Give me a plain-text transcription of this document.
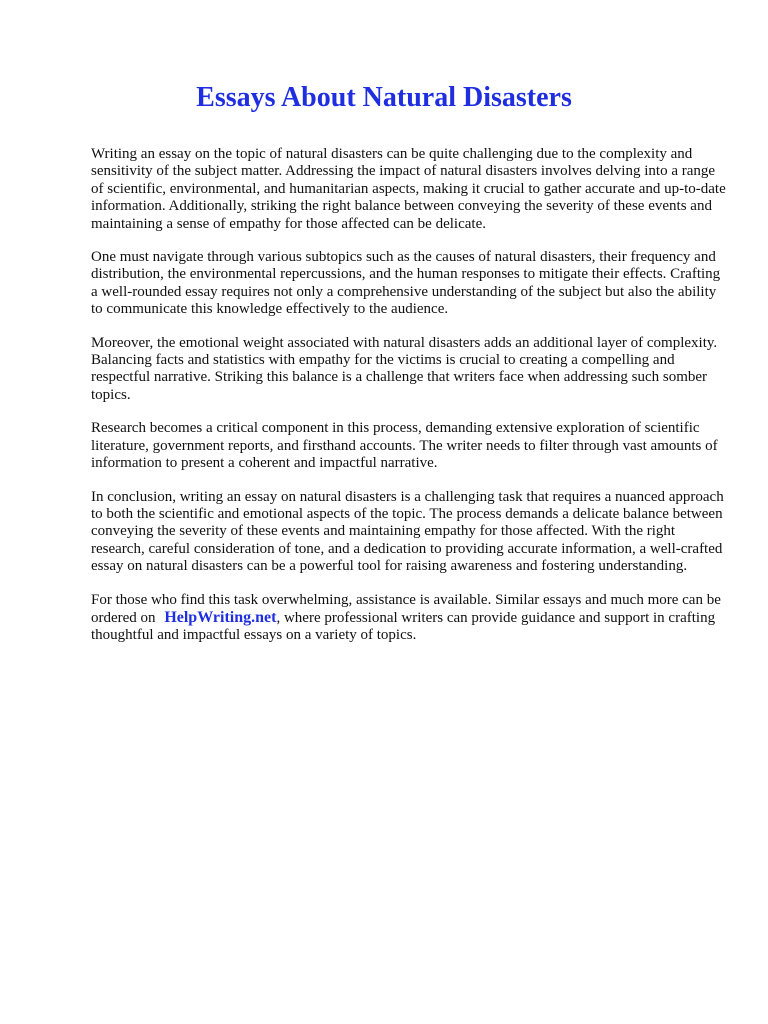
Essays About Natural Disasters

Writing an essay on the topic of natural disasters can be quite challenging due to the complexity and sensitivity of the subject matter. Addressing the impact of natural disasters involves delving into a range of scientific, environmental, and humanitarian aspects, making it crucial to gather accurate and up-to-date information. Additionally, striking the right balance between conveying the severity of these events and maintaining a sense of empathy for those affected can be delicate.

One must navigate through various subtopics such as the causes of natural disasters, their frequency and distribution, the environmental repercussions, and the human responses to mitigate their effects. Crafting a well-rounded essay requires not only a comprehensive understanding of the subject but also the ability to communicate this knowledge effectively to the audience.

Moreover, the emotional weight associated with natural disasters adds an additional layer of complexity. Balancing facts and statistics with empathy for the victims is crucial to creating a compelling and respectful narrative. Striking this balance is a challenge that writers face when addressing such somber topics.

Research becomes a critical component in this process, demanding extensive exploration of scientific literature, government reports, and firsthand accounts. The writer needs to filter through vast amounts of information to present a coherent and impactful narrative.

In conclusion, writing an essay on natural disasters is a challenging task that requires a nuanced approach to both the scientific and emotional aspects of the topic. The process demands a delicate balance between conveying the severity of these events and maintaining empathy for those affected. With the right research, careful consideration of tone, and a dedication to providing accurate information, a well-crafted essay on natural disasters can be a powerful tool for raising awareness and fostering understanding.

For those who find this task overwhelming, assistance is available. Similar essays and much more can be ordered on HelpWriting.net, where professional writers can provide guidance and support in crafting thoughtful and impactful essays on a variety of topics.
